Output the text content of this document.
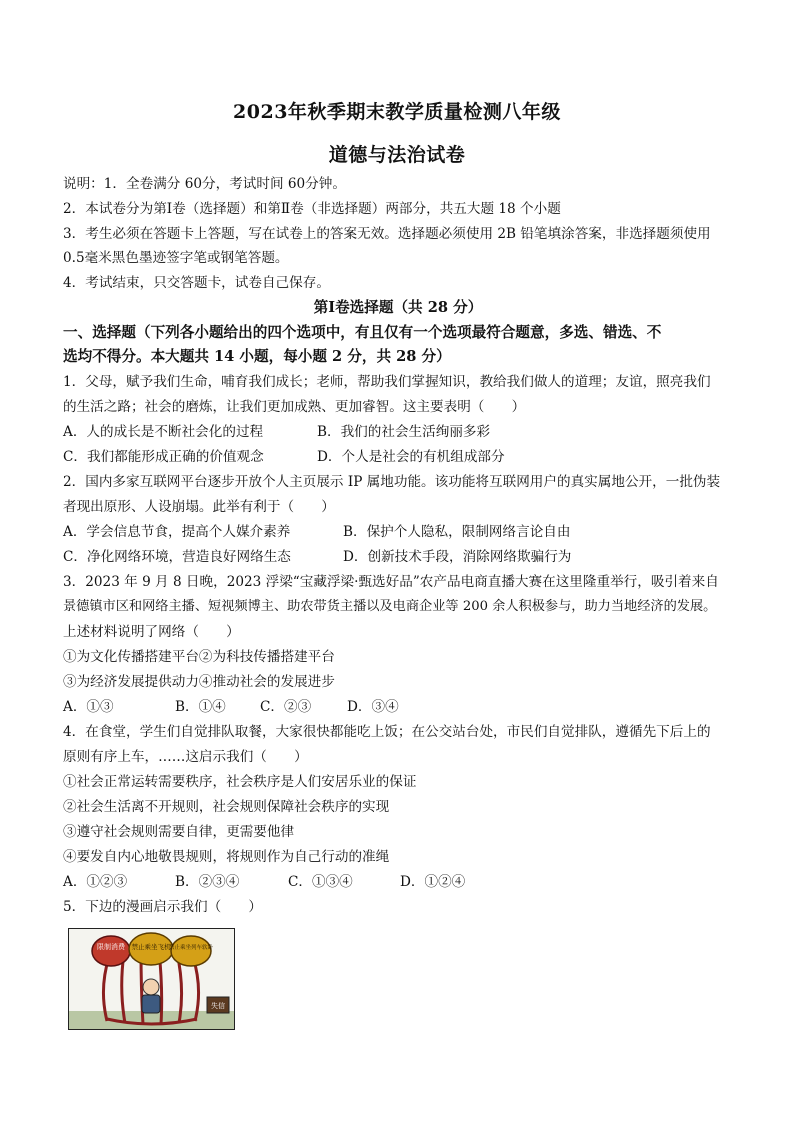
2023年秋季期末教学质量检测八年级
道德与法治试卷
说明：1．全卷满分 60分，考试时间 60分钟。
2．本试卷分为第Ⅰ卷（选择题）和第Ⅱ卷（非选择题）两部分，共五大题 18 个小题
3．考生必须在答题卡上答题，写在试卷上的答案无效。选择题必须使用 2B 铅笔填涂答案，非选择题须使用
0.5毫米黑色墨迹签字笔或钢笔答题。
4．考试结束，只交答题卡，试卷自己保存。
第Ⅰ卷选择题（共 28 分）
一、选择题（下列各小题给出的四个选项中，有且仅有一个选项最符合题意，多选、错选、不
选均不得分。本大题共 14 小题，每小题 2 分，共 28 分）
1．父母，赋予我们生命，哺育我们成长；老师，帮助我们掌握知识，教给我们做人的道理；友谊，照亮我们
的生活之路；社会的磨炼，让我们更加成熟、更加睿智。这主要表明（　　）
A．人的成长是不断社会化的过程	B．我们的社会生活绚丽多彩
C．我们都能形成正确的价值观念	D．个人是社会的有机组成部分
2．国内多家互联网平台逐步开放个人主页展示 IP 属地功能。该功能将互联网用户的真实属地公开，一批伪装
者现出原形、人设崩塌。此举有利于（　　）
A．学会信息节食，提高个人媒介素养	B．保护个人隐私，限制网络言论自由
C．净化网络环境，营造良好网络生态	D．创新技术手段，消除网络欺骗行为
3．2023 年 9 月 8 日晚，2023 浮梁“宝藏浮梁·甄选好品”农产品电商直播大赛在这里隆重举行，吸引着来自
景德镇市区和网络主播、短视频博主、助农带货主播以及电商企业等 200 余人积极参与，助力当地经济的发展。
上述材料说明了网络（　　）
①为文化传播搭建平台②为科技传播搭建平台
③为经济发展提供动力④推动社会的发展进步
A．①③	B．①④	C．②③	D．③④
4．在食堂，学生们自觉排队取餐，大家很快都能吃上饭；在公交站台处，市民们自觉排队，遵循先下后上的
原则有序上车，……这启示我们（　　）
①社会正常运转需要秩序，社会秩序是人们安居乐业的保证
②社会生活离不开规则，社会规则保障社会秩序的实现
③遵守社会规则需要自律，更需要他律
④要发自内心地敬畏规则，将规则作为自己行动的准绳
A．①②③	B．②③④	C．①③④	D．①②④
5．下边的漫画启示我们（　　）
限制消费 禁止乘坐飞机
禁止乘坐列车软卧
失信
